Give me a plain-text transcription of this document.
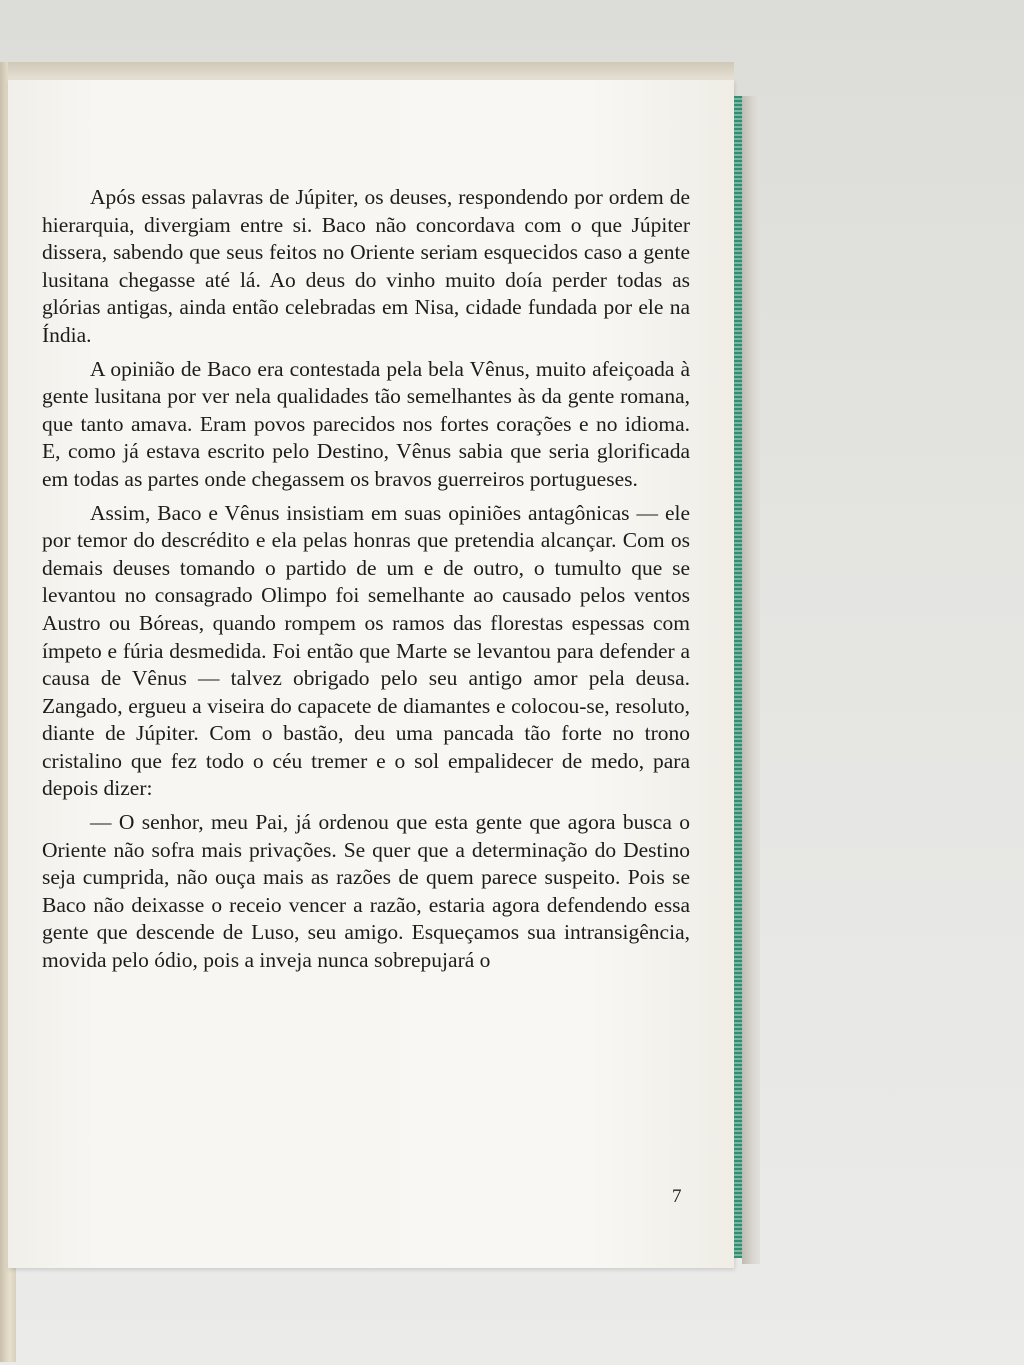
Após essas palavras de Júpiter, os deuses, respondendo por ordem de hierarquia, divergiam entre si. Baco não concordava com o que Júpiter dissera, sabendo que seus feitos no Oriente seriam esquecidos caso a gente lusitana chegasse até lá. Ao deus do vinho muito doía perder todas as glórias antigas, ainda então celebradas em Nisa, cidade fundada por ele na Índia.

A opinião de Baco era contestada pela bela Vênus, muito afeiçoada à gente lusitana por ver nela qualidades tão semelhantes às da gente romana, que tanto amava. Eram povos parecidos nos fortes corações e no idioma. E, como já estava escrito pelo Destino, Vênus sabia que seria glorificada em todas as partes onde chegassem os bravos guerreiros portugueses.

Assim, Baco e Vênus insistiam em suas opiniões antagônicas — ele por temor do descrédito e ela pelas honras que pretendia alcançar. Com os demais deuses tomando o partido de um e de outro, o tumulto que se levantou no consagrado Olimpo foi semelhante ao causado pelos ventos Austro ou Bóreas, quando rompem os ramos das florestas espessas com ímpeto e fúria desmedida. Foi então que Marte se levantou para defender a causa de Vênus — talvez obrigado pelo seu antigo amor pela deusa. Zangado, ergueu a viseira do capacete de diamantes e colocou-se, resoluto, diante de Júpiter. Com o bastão, deu uma pancada tão forte no trono cristalino que fez todo o céu tremer e o sol empalidecer de medo, para depois dizer:

— O senhor, meu Pai, já ordenou que esta gente que agora busca o Oriente não sofra mais privações. Se quer que a determinação do Destino seja cumprida, não ouça mais as razões de quem parece suspeito. Pois se Baco não deixasse o receio vencer a razão, estaria agora defendendo essa gente que descende de Luso, seu amigo. Esqueçamos sua intransigência, movida pelo ódio, pois a inveja nunca sobrepujará o

7
